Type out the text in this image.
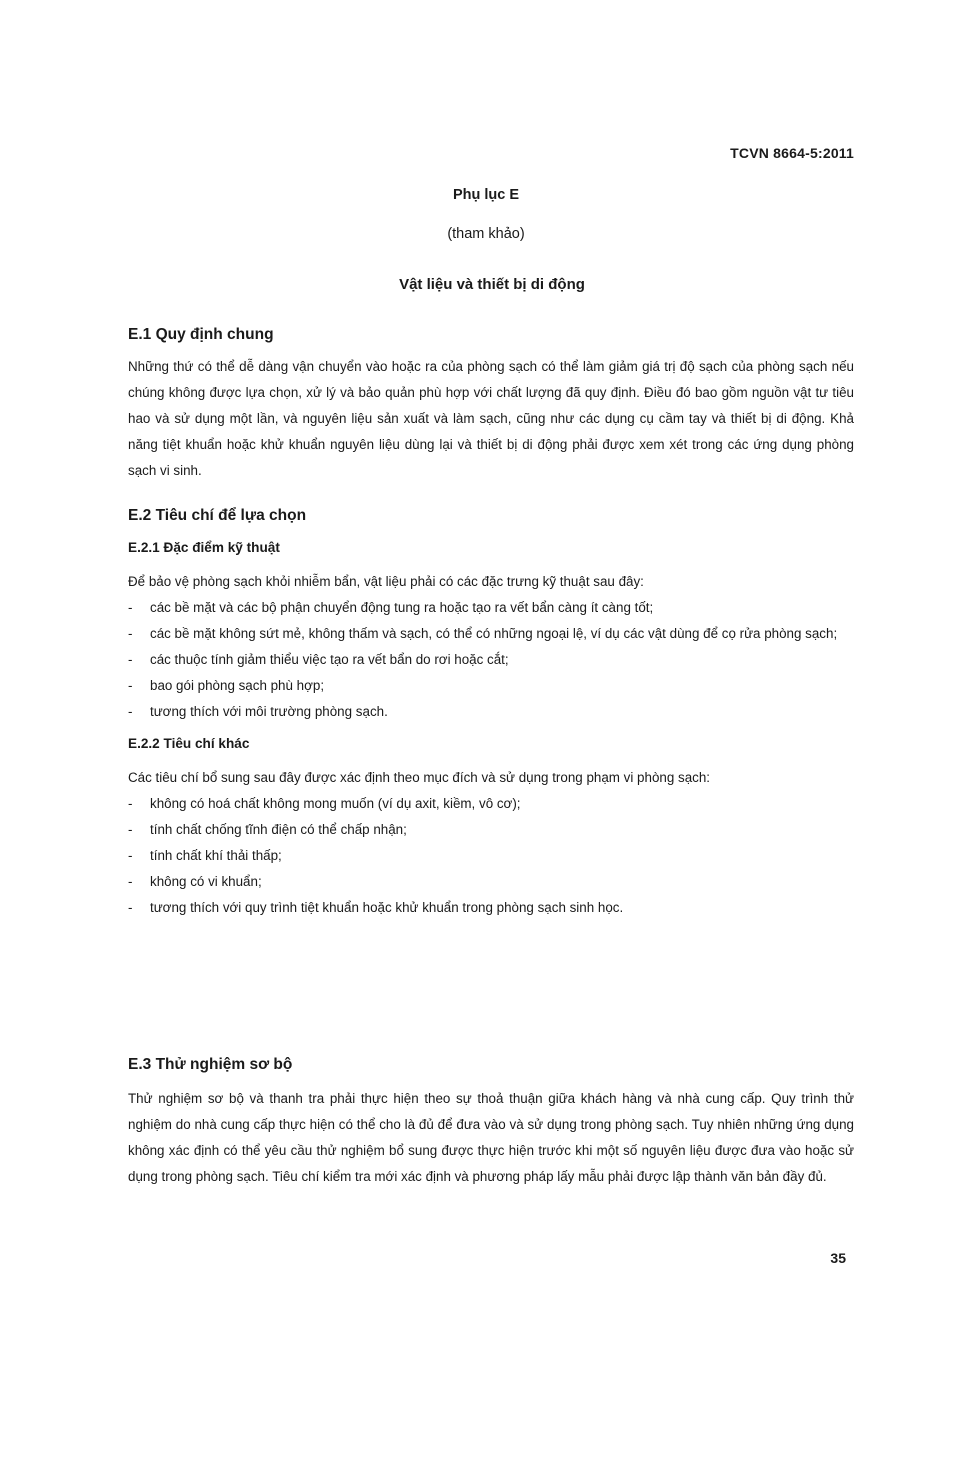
TCVN 8664-5:2011
Phụ lục E
(tham khảo)
Vật liệu và thiết bị di động
E.1 Quy định chung

Những thứ có thể dễ dàng vận chuyển vào hoặc ra của phòng sạch có thể làm giảm giá trị độ sạch của phòng sạch nếu chúng không được lựa chọn, xử lý và bảo quản phù hợp với chất lượng đã quy định. Điều đó bao gồm nguồn vật tư tiêu hao và sử dụng một lần, và nguyên liệu sản xuất và làm sạch, cũng như các dụng cụ cầm tay và thiết bị di động. Khả năng tiệt khuẩn hoặc khử khuẩn nguyên liệu dùng lại và thiết bị di động phải được xem xét trong các ứng dụng phòng sạch vi sinh.

E.2 Tiêu chí để lựa chọn
E.2.1 Đặc điểm kỹ thuật

Để bảo vệ phòng sạch khỏi nhiễm bẩn, vật liệu phải có các đặc trưng kỹ thuật sau đây:

- các bề mặt và các bộ phận chuyển động tung ra hoặc tạo ra vết bẩn càng ít càng tốt;
- các bề mặt không sứt mẻ, không thấm và sạch, có thể có những ngoại lệ, ví dụ các vật dùng để cọ rửa phòng sạch;
- các thuộc tính giảm thiểu việc tạo ra vết bẩn do rơi hoặc cắt;
- bao gói phòng sạch phù hợp;
- tương thích với môi trường phòng sạch.
E.2.2 Tiêu chí khác

Các tiêu chí bổ sung sau đây được xác định theo mục đích và sử dụng trong phạm vi phòng sạch:

- không có hoá chất không mong muốn (ví dụ axit, kiềm, vô cơ);
- tính chất chống tĩnh điện có thể chấp nhận;
- tính chất khí thải thấp;
- không có vi khuẩn;
- tương thích với quy trình tiệt khuẩn hoặc khử khuẩn trong phòng sạch sinh học.
E.3 Thử nghiệm sơ bộ

Thử nghiệm sơ bộ và thanh tra phải thực hiện theo sự thoả thuận giữa khách hàng và nhà cung cấp. Quy trình thử nghiệm do nhà cung cấp thực hiện có thể cho là đủ để đưa vào và sử dụng trong phòng sạch. Tuy nhiên những ứng dụng không xác định có thể yêu cầu thử nghiệm bổ sung được thực hiện trước khi một số nguyên liệu được đưa vào hoặc sử dụng trong phòng sạch. Tiêu chí kiểm tra mới xác định và phương pháp lấy mẫu phải được lập thành văn bản đầy đủ.

35
